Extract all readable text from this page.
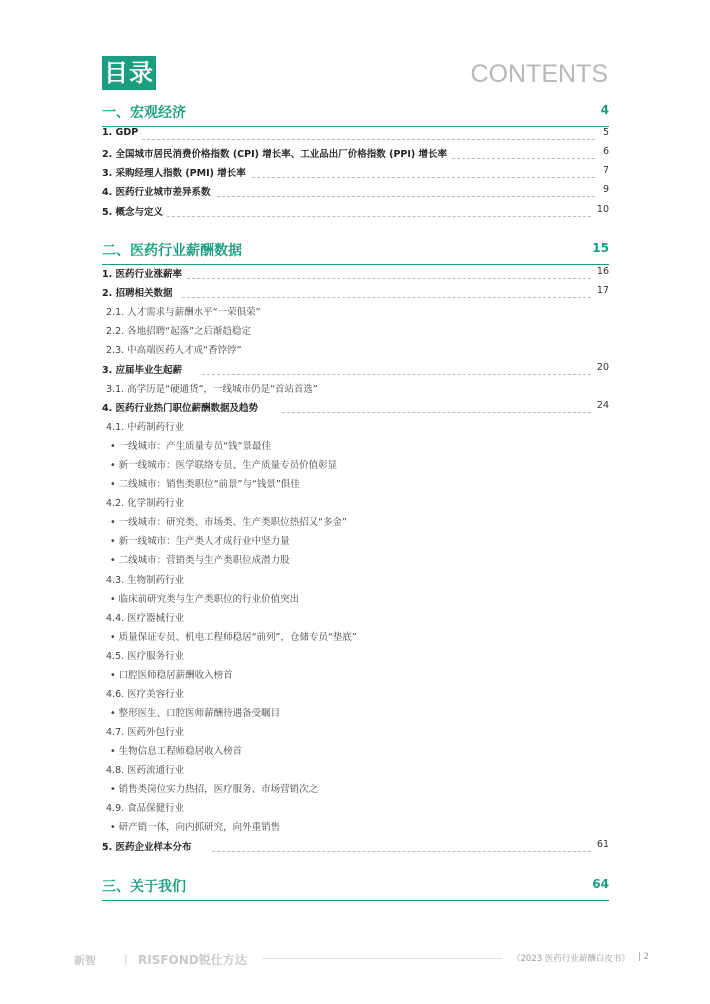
目录	CONTENTS
一、宏观经济	4
1. GDP	5
2. 全国城市居民消费价格指数 (CPI) 增长率、工业品出厂价格指数 (PPI) 增长率	6
3. 采购经理人指数 (PMI) 增长率	7
4. 医药行业城市差异系数	9
5. 概念与定义	10
二、医药行业薪酬数据	15
1. 医药行业涨薪率	16
2. 招聘相关数据	17
2.1. 人才需求与薪酬水平“一荣俱荣”
2.2. 各地招聘“起落”之后渐趋稳定
2.3. 中高端医药人才成“香饽饽”
3. 应届毕业生起薪	20
3.1. 高学历是“硬通货”，一线城市仍是“首站首选”
4. 医药行业热门职位薪酬数据及趋势	24
4.1. 中药制药行业
• 一线城市：产生质量专员“钱”景最佳
• 新一线城市：医学联络专员、生产质量专员价值彰显
• 二线城市：销售类职位“前景”与“钱景”俱佳
4.2. 化学制药行业
• 一线城市：研究类、市场类、生产类职位热招又“多金”
• 新一线城市：生产类人才成行业中坚力量
• 二线城市：营销类与生产类职位成潜力股
4.3. 生物制药行业
• 临床前研究类与生产类职位的行业价值突出
4.4. 医疗器械行业
• 质量保证专员、机电工程师稳居“前列”，仓储专员“垫底”
4.5. 医疗服务行业
• 口腔医师稳居薪酬收入榜首
4.6. 医疗美容行业
• 整形医生、口腔医师薪酬待遇备受瞩目
4.7. 医药外包行业
• 生物信息工程师稳居收入榜首
4.8. 医药流通行业
• 销售类岗位实力热招，医疗服务、市场营销次之
4.9. 食品保健行业
• 研产销一体，向内抓研究，向外重销售
5. 医药企业样本分布	61
三、关于我们	64
新智	| RISFOND锐仕方达	《2023 医药行业薪酬白皮书》 | 2
